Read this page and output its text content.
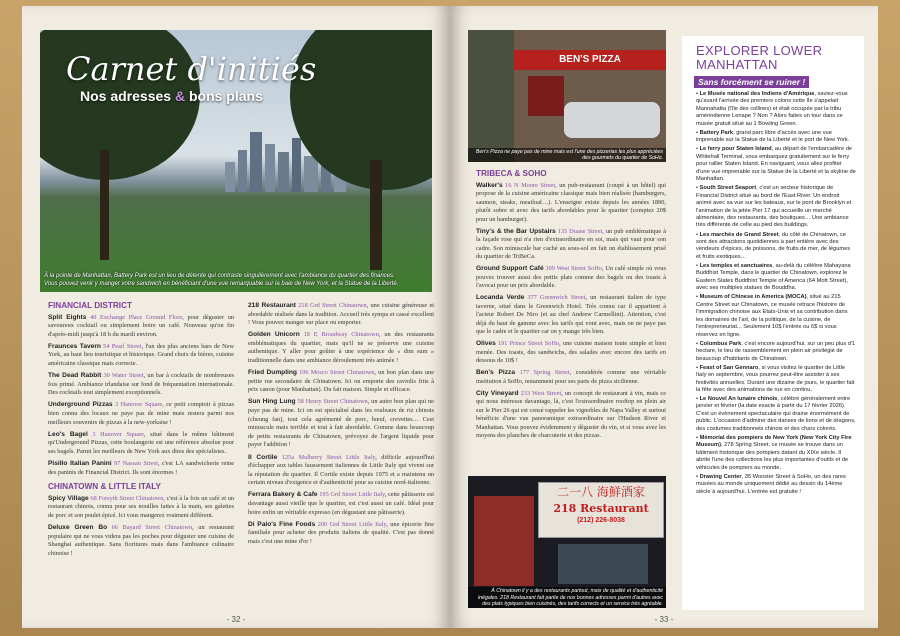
Carnet d'initiés
Nos adresses & bons plans
À la pointe de Manhattan, Battery Park est un lieu de détente qui contraste singulièrement avec l'ambiance du quartier des finances. Vous pouvez venir y manger votre sandwich en bénéficiant d'une vue remarquable sur la baie de New York, et la Statue de la Liberté.
FINANCIAL DISTRICT
Split Eights 40 Exchange Place Ground Floor, pour déguster un savoureux cocktail ou simplement boire un café. Nouveau qu'on fin d'après-midi jusqu'à 18 h du mardi environ.
Fraunces Tavern 54 Pearl Street, l'un des plus anciens bars de New York, au haut lieu touristique et historique. Grand choix de bières, cuisine américaine classique mais correcte.
The Dead Rabbit 30 Water Street, un bar à cocktails de nombreuses fois primé. Ambiance irlandaise sur fond de fréquentation internationale. Des cocktails tout simplement exceptionnels.
Underground Pizzas 3 Hanover Square, ce petit comptoir à pizzas bien connu des locaux ne paye pas de mine mais restera parmi nos meilleurs souvenirs de pizzas à la new-yorkaise !
Leo's Bagel 3 Hanover Square, situé dans le même bâtiment qu'Underground Pizzas, cette boulangerie est une référence absolue pour ses bagels. Parmi les meilleurs de New York aux dires des spécialistes.
Pisillo Italian Panini 97 Nassau Street, c'est LA sandwicherie reine des paninis de Financial District. Ils sont énormes !
CHINATOWN & LITTLE ITALY
Spicy Village 68 Forsyth Street Chinatown, c'est à la fois un café et un restaurant chinois, connu pour ses nouilles faites à la main, ses galettes de porc et son poulet épicé. Ici vous mangerez vraiment différent.
Deluxe Green Bo 66 Bayard Street Chinatown, un restaurant populaire qui ne vous videra pas les poches pour déguster une cuisine de Shanghai authentique. Sans fioritures mais dans l'ambiance culinaire chinoise !
218 Restaurant 218 Grd Street Chinatown, une cuisine généreuse et abordable réalisée dans la tradition. Accueil très sympa et cassé excellent ! Vous pouvez manger sur place ou emporter.
Golden Unicorn 18 E Broadway Chinatown, un des restaurants emblématiques du quartier, mais qu'il ne se préserve une cuisine authentique. Y aller pour goûter à une expérience de « dim sum » traditionnelle dans une ambiance déroulement très animée !
Fried Dumpling 106 Mosco Street Chinatown, un bon plan dans une petite rue secondaire de Chinatown. Ici on emporte des raviolis frits à prix canon (pour Manhattan). Du fait maison. Simple et efficace.
Sun Hing Lung 58 Henry Street Chinatown, un autre bon plan qui ne paye pas de mine. Ici on est spécialisé dans les rouleaux de riz chinois (cheung fan), tout cela agrémenté de porc, bœuf, crevettes… Cest minuscule mais terrible et tout à fait abordable. Comme dans beaucoup de petits restaurants de Chinatown, prévoyez de l'argent liquide pour payer l'addition !
Il Cortile 125a Mulberry Street Little Italy, difficile aujourd'hui d'échapper aux tables faussement italiennes de Little Italy qui vivent sur la réputation du quartier. Il Cortile existe depuis 1975 et a maintenu un certain niveau d'exigence et d'authenticité pour sa cuisine nord-italienne.
Ferrara Bakery & Cafe 195 Grd Street Little Italy, cette pâtisserie est davantage aussi vieille que le quartier, est c'est aussi un café. Idéal pour boire enfin un véritable expresso (en dégustant une pâtisserie).
Di Palo's Fine Foods 200 Grd Street Little Italy, une épicerie fine familiale pour acheter des produits italiens de qualité. C'est pas donné mais c'est une mine d'or !
- 32 -
BEN'S PIZZA
Ben's Pizza ne paye pas de mine mais est l'une des pizzerias les plus appréciées des gourmets du quartier de SoHo.
TRIBECA & SOHO
Walker's 16 N Moore Street, un pub-restaurant (coupé à un hôtel) qui propose de la cuisine américaine classique mais bien réalisée (hamburgers, saumon, steaks, meatloaf…). L'enseigne existe depuis les années 1890, plutôt sobre et avec des tarifs abordables pour le quartier (comptez 20$ pour un hamburger).
Tiny's & the Bar Upstairs 135 Duane Street, un pub emblématique à la façade rose qui n'a rien d'extraordinaire en soi, mais qui vaut pour son cadre. Son minuscule bar caché au sous-sol en fait un établissement prisé du quartier de TriBeCa.
Ground Support Café 399 West Street SoHo, Un café simple où vous pouvez trouver aussi des petits plats comme des bagels ou des toasts à l'avocat pour un prix abordable.
Locanda Verde 377 Greenwich Street, un restaurant italien de type taverne, situé dans le Greenwich Hotel. Très connu car il appartient à l'acteur Robert De Niro (et au chef Andrew Carmellini). Attention, c'est déjà du haut de gamme avec les tarifs qui vont avec, mais on ne paye pas que le cadre et le quartier car on y mange très bien.
Olives 191 Prince Street SoHo, une cuisine maison toute simple et bien menée. Des toasts, des sandwichs, des salades avec encore des tarifs en dessous de 10$ !
Ben's Pizza 177 Spring Street, considérée comme une véritable institution à SoHo, notamment pour ses parts de pizza sicilienne.
City Vineyard 233 West Street, un concept de restaurant à vin, mais ce qui nous intéresse davantage, là, c'est l'extraordinaire rooftop en plein air sur le Pier 26 qui est censé rappeler les vignobles de Napa Valley et surtout bénéficie d'une vue panoramique extraordinaire sur l'Hudson River et Manhattan. Vous pouvez évidemment y déguster du vin, et si vous avez les moyens des planches de charcuterie et des pizzas.
二一八 海鮮酒家
218 Restaurant
(212) 226-8038
À Chinatown il y a des restaurants partout, mais de qualité et d'authenticité inégales. 218 Restaurant fait partie de nos bonnes adresses parmi d'autres avec des plats typiques bien cuisinés, des tarifs corrects et un service très agréable.
EXPLORER LOWER
MANHATTAN
Sans forcément se ruiner !
• Le Musée national des Indiens d'Amérique, saviez-vous qu'avant l'arrivée des premiers colons cette île s'appelait Mannahatta (l'île des collines) et était occupée par la tribu amérindienne Lenape ? Non ? Alors faites un tour dans ce musée gratuit situé au 1 Bowling Green.
• Battery Park, grand parc libre d'accès avec une vue imprenable sur la Statue de la Liberté et le port de New York.
• Le ferry pour Staten Island, au départ de l'embarcadère de Whitehall Terminal, vous embarquez gratuitement sur le ferry pour rallier Staten Island. En naviguant, vous allez profiter d'une vue imprenable sur la Statue de la Liberté et la skyline de Manhattan.
• South Street Seaport, c'est un secteur historique de Financial District situé au bord de l'East River. Un endroit animé avec sa vue sur les bateaux, sur le pont de Brooklyn et l'animation de la jetée Pier 17 qui accueille un marché alimentaire, des restaurants, des boutiques… Une ambiance très différente de celle au pied des buildings.
• Les marchés de Grand Street, du côté de Chinatown, ce sont des attractions quotidiennes à part entière avec des vendeurs d'épices, de poissons, de fruits de mer, de légumes et fruits exotiques…
• Les temples et sanctuaires, au-delà du célèbre Mahayana Buddhist Temple, dans le quartier de Chinatown, explorez le Eastern States Buddhist Temple of America (64 Mott Street), avec ses multiples statues de Bouddha.
• Museum of Chinese in America (MOCA), situé au 215 Centre Street sur Chinatown, ce musée retrace l'histoire de l'immigration chinoise aux Etats-Unis et sa contribution dans les domaines de l'art, de la politique, de la cuisine, de l'entrepreneuriat... Seulement 10$ l'entrée ou 6$ si vous réservez en ligne.
• Columbus Park, c'est encore aujourd'hui, sur un peu plus d'1 hectare, le lieu de rassemblement en plein air privilégié de beaucoup d'habitants de Chinatown.
• Feast of San Gennaro, si vous visitez le quartier de Little Italy en septembre, vous pourrez peut-être assister à ses festivités annuelles. Durant une dizaine de jours, le quartier fait la fête avec des animations de rue en continu.
• Le Nouvel An lunaire chinois, célébré généralement entre janvier et février (la date exacte à partir du 17 février 2026). C'est un évènement spectaculaire qui draine énormément de public. L'occasion d'admirer des danses de lions et de dragons, des costumes traditionnels chinois et des chars colorés.
• Mémorial des pompiers de New York (New York City Fire Museum), 278 Spring Street, ce musée se trouve dans un bâtiment historique des pompiers datant du XIXe siècle. Il abrite l'une des collections les plus importantes d'outils et de véhicules de pompiers au monde.
• Drawing Center, 35 Wooster Street à SoHo, un des rares musées au monde uniquement dédié au dessin du 14ème siècle à aujourd'hui. L'entrée est gratuite !
- 33 -
